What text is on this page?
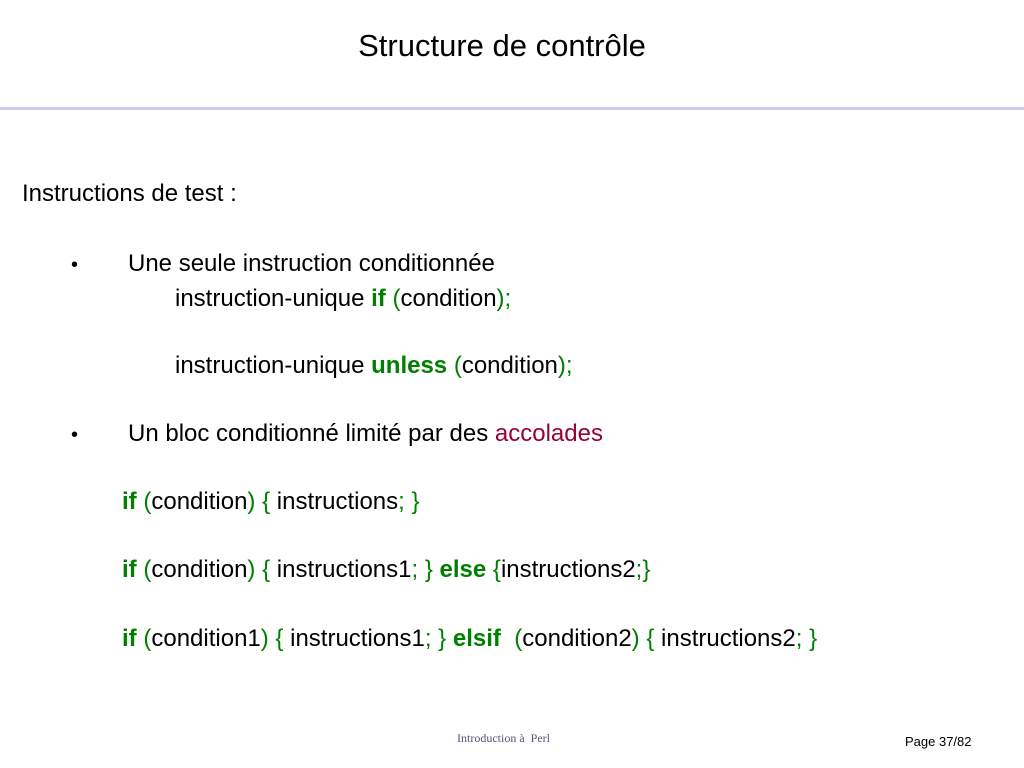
Structure de contrôle
Instructions de test :
• Une seule instruction conditionnée
instruction-unique if (condition);
instruction-unique unless (condition);
• Un bloc conditionné limité par des accolades
if (condition) { instructions; }
if (condition) { instructions1; } else {instructions2;}
if (condition1) { instructions1; } elsif (condition2) { instructions2; }
Introduction à  Perl	Page 37/82
